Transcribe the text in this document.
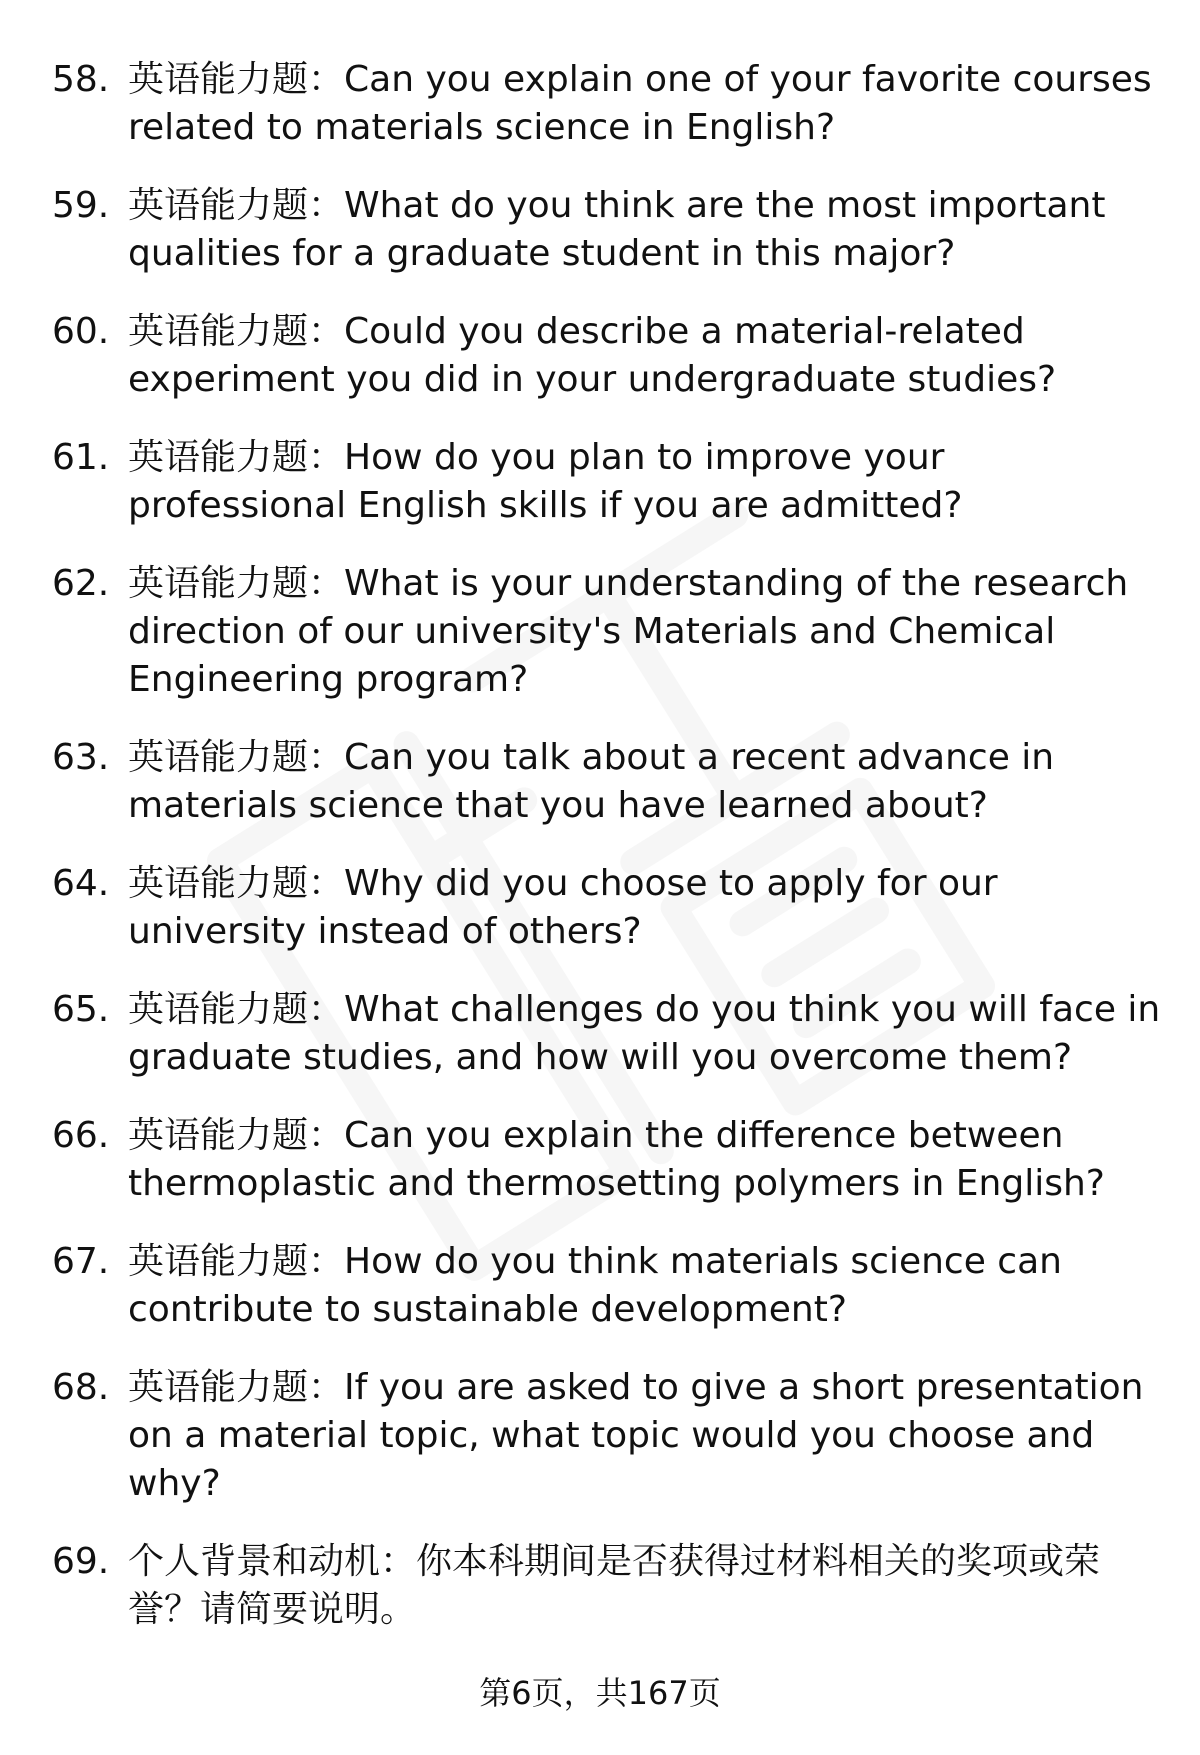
58. 英语能力题：Can you explain one of your favorite courses related to materials science in English?
59. 英语能力题：What do you think are the most important qualities for a graduate student in this major?
60. 英语能力题：Could you describe a material-related experiment you did in your undergraduate studies?
61. 英语能力题：How do you plan to improve your professional English skills if you are admitted?
62. 英语能力题：What is your understanding of the research direction of our university's Materials and Chemical Engineering program?
63. 英语能力题：Can you talk about a recent advance in materials science that you have learned about?
64. 英语能力题：Why did you choose to apply for our university instead of others?
65. 英语能力题：What challenges do you think you will face in graduate studies, and how will you overcome them?
66. 英语能力题：Can you explain the difference between thermoplastic and thermosetting polymers in English?
67. 英语能力题：How do you think materials science can contribute to sustainable development?
68. 英语能力题：If you are asked to give a short presentation on a material topic, what topic would you choose and why?
69. 个人背景和动机：你本科期间是否获得过材料相关的奖项或荣誉？请简要说明。
第6页，共167页
